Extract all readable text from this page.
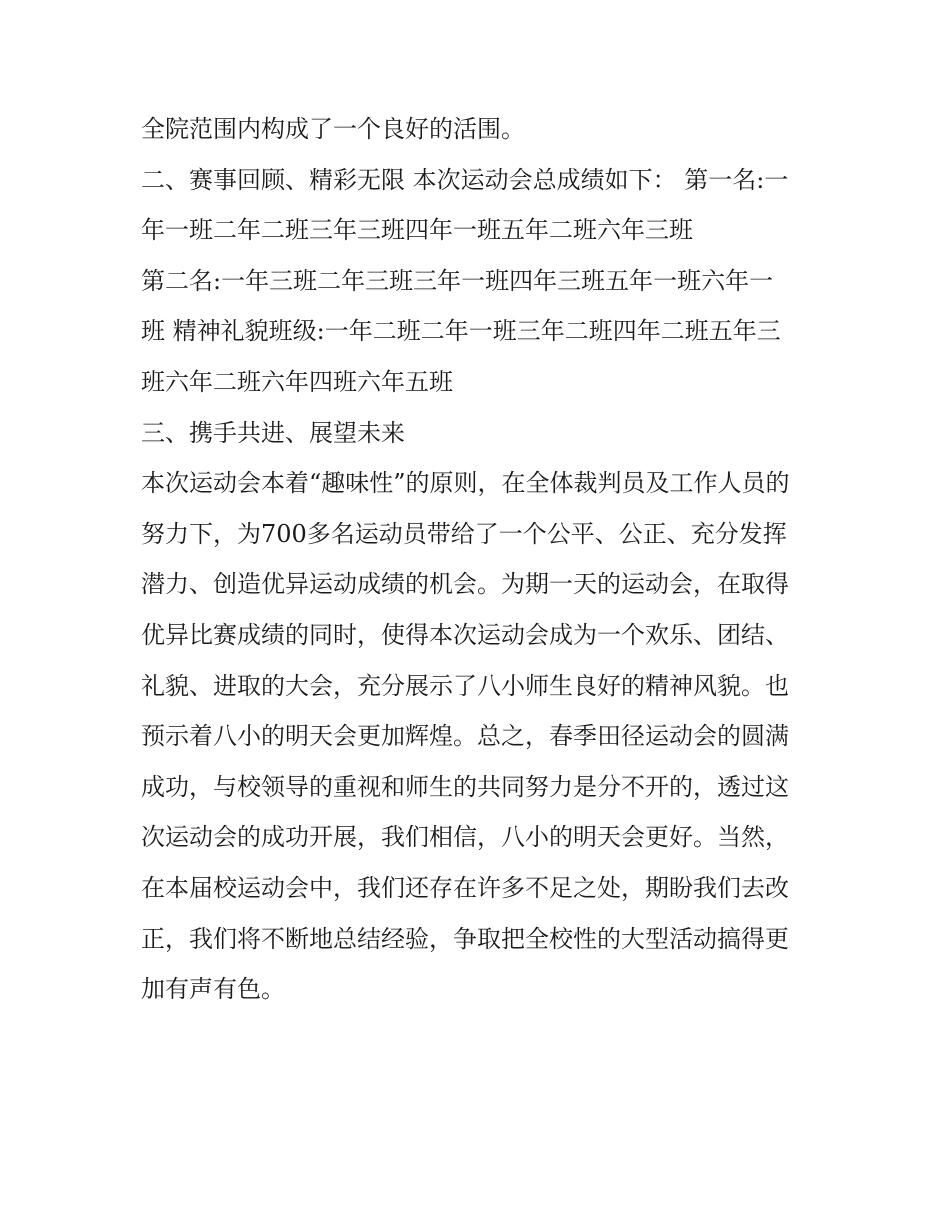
全院范围内构成了一个良好的活围。
二、赛事回顾、精彩无限 本次运动会总成绩如下： 第一名:一
年一班二年二班三年三班四年一班五年二班六年三班
第二名:一年三班二年三班三年一班四年三班五年一班六年一
班 精神礼貌班级:一年二班二年一班三年二班四年二班五年三
班六年二班六年四班六年五班
三、携手共进、展望未来
本次运动会本着“趣味性”的原则，在全体裁判员及工作人员的
努力下，为700多名运动员带给了一个公平、公正、充分发挥
潜力、创造优异运动成绩的机会。为期一天的运动会，在取得
优异比赛成绩的同时，使得本次运动会成为一个欢乐、团结、
礼貌、进取的大会，充分展示了八小师生良好的精神风貌。也
预示着八小的明天会更加辉煌。总之，春季田径运动会的圆满
成功，与校领导的重视和师生的共同努力是分不开的，透过这
次运动会的成功开展，我们相信，八小的明天会更好。当然，
在本届校运动会中，我们还存在许多不足之处，期盼我们去改
正，我们将不断地总结经验，争取把全校性的大型活动搞得更
加有声有色。
